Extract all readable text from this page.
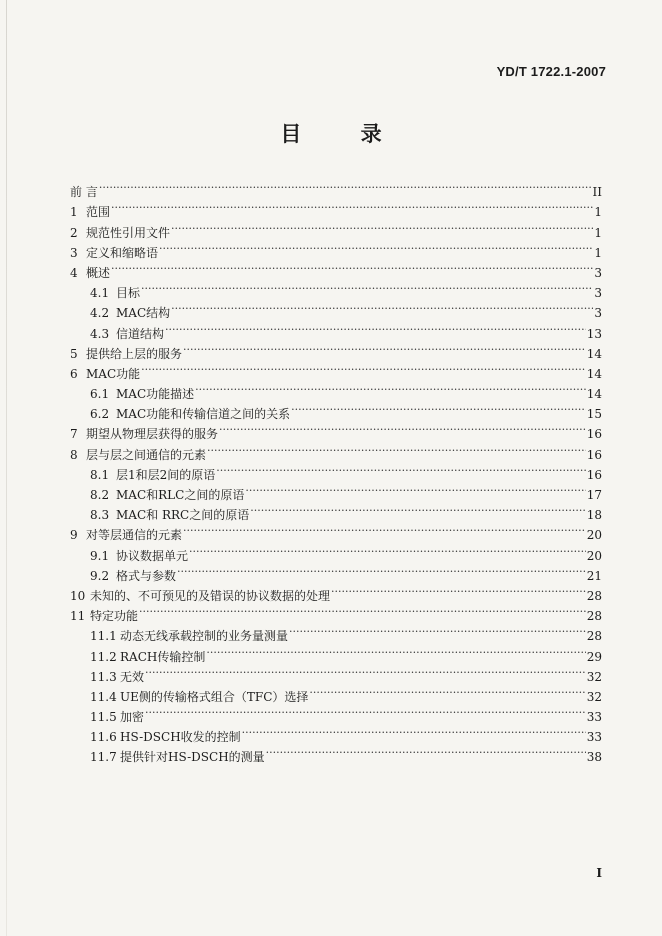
YD/T 1722.1-2007
目 录
前 言 ·····	II
1 范围 ·····	1
2 规范性引用文件 ·····	1
3 定义和缩略语 ·····	1
4 概述 ·····	3
4.1 目标 ·····	3
4.2 MAC结构 ·····	3
4.3 信道结构 ·····	13
5 提供给上层的服务 ·····	14
6 MAC功能 ·····	14
6.1 MAC功能描述 ·····	14
6.2 MAC功能和传输信道之间的关系 ·····	15
7 期望从物理层获得的服务 ·····	16
8 层与层之间通信的元素 ·····	16
8.1 层1和层2间的原语 ·····	16
8.2 MAC和RLC之间的原语 ·····	17
8.3 MAC和 RRC之间的原语 ·····	18
9 对等层通信的元素 ·····	20
9.1 协议数据单元 ·····	20
9.2 格式与参数 ·····	21
10 未知的、不可预见的及错误的协议数据的处理 ·····	28
11 特定功能 ·····	28
11.1 动态无线承载控制的业务量测量 ·····	28
11.2 RACH传输控制 ·····	29
11.3 无效 ·····	32
11.4 UE侧的传输格式组合（TFC）选择 ·····	32
11.5 加密 ·····	33
11.6 HS-DSCH收发的控制 ·····	33
11.7 提供针对HS-DSCH的测量 ·····	38
I
